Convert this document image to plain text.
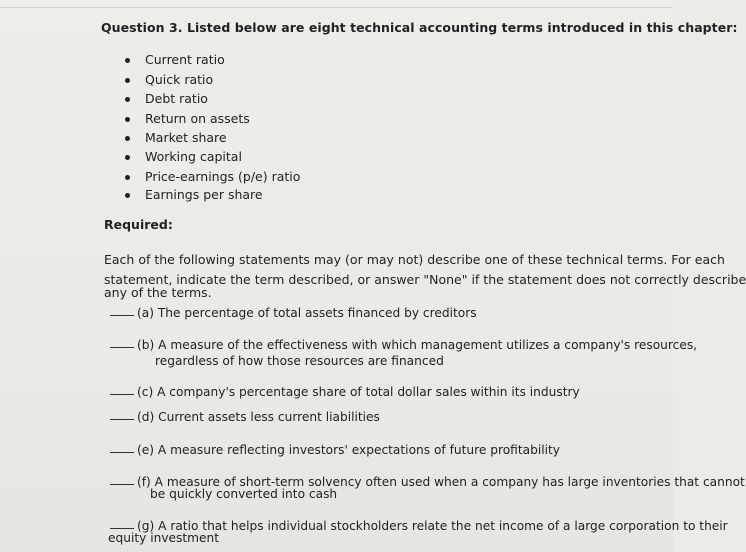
Question 3. Listed below are eight technical accounting terms introduced in this chapter:
Current ratio
Quick ratio
Debt ratio
Return on assets
Market share
Working capital
Price-earnings (p/e) ratio
Earnings per share
Required:
Each of the following statements may (or may not) describe one of these technical terms. For each
statement, indicate the term described, or answer "None" if the statement does not correctly describe
any of the terms.
(a) The percentage of total assets financed by creditors
(b) A measure of the effectiveness with which management utilizes a company's resources,
regardless of how those resources are financed
(c) A company's percentage share of total dollar sales within its industry
(d) Current assets less current liabilities
(e) A measure reflecting investors' expectations of future profitability
(f) A measure of short-term solvency often used when a company has large inventories that cannot
be quickly converted into cash
(g) A ratio that helps individual stockholders relate the net income of a large corporation to their
equity investment
